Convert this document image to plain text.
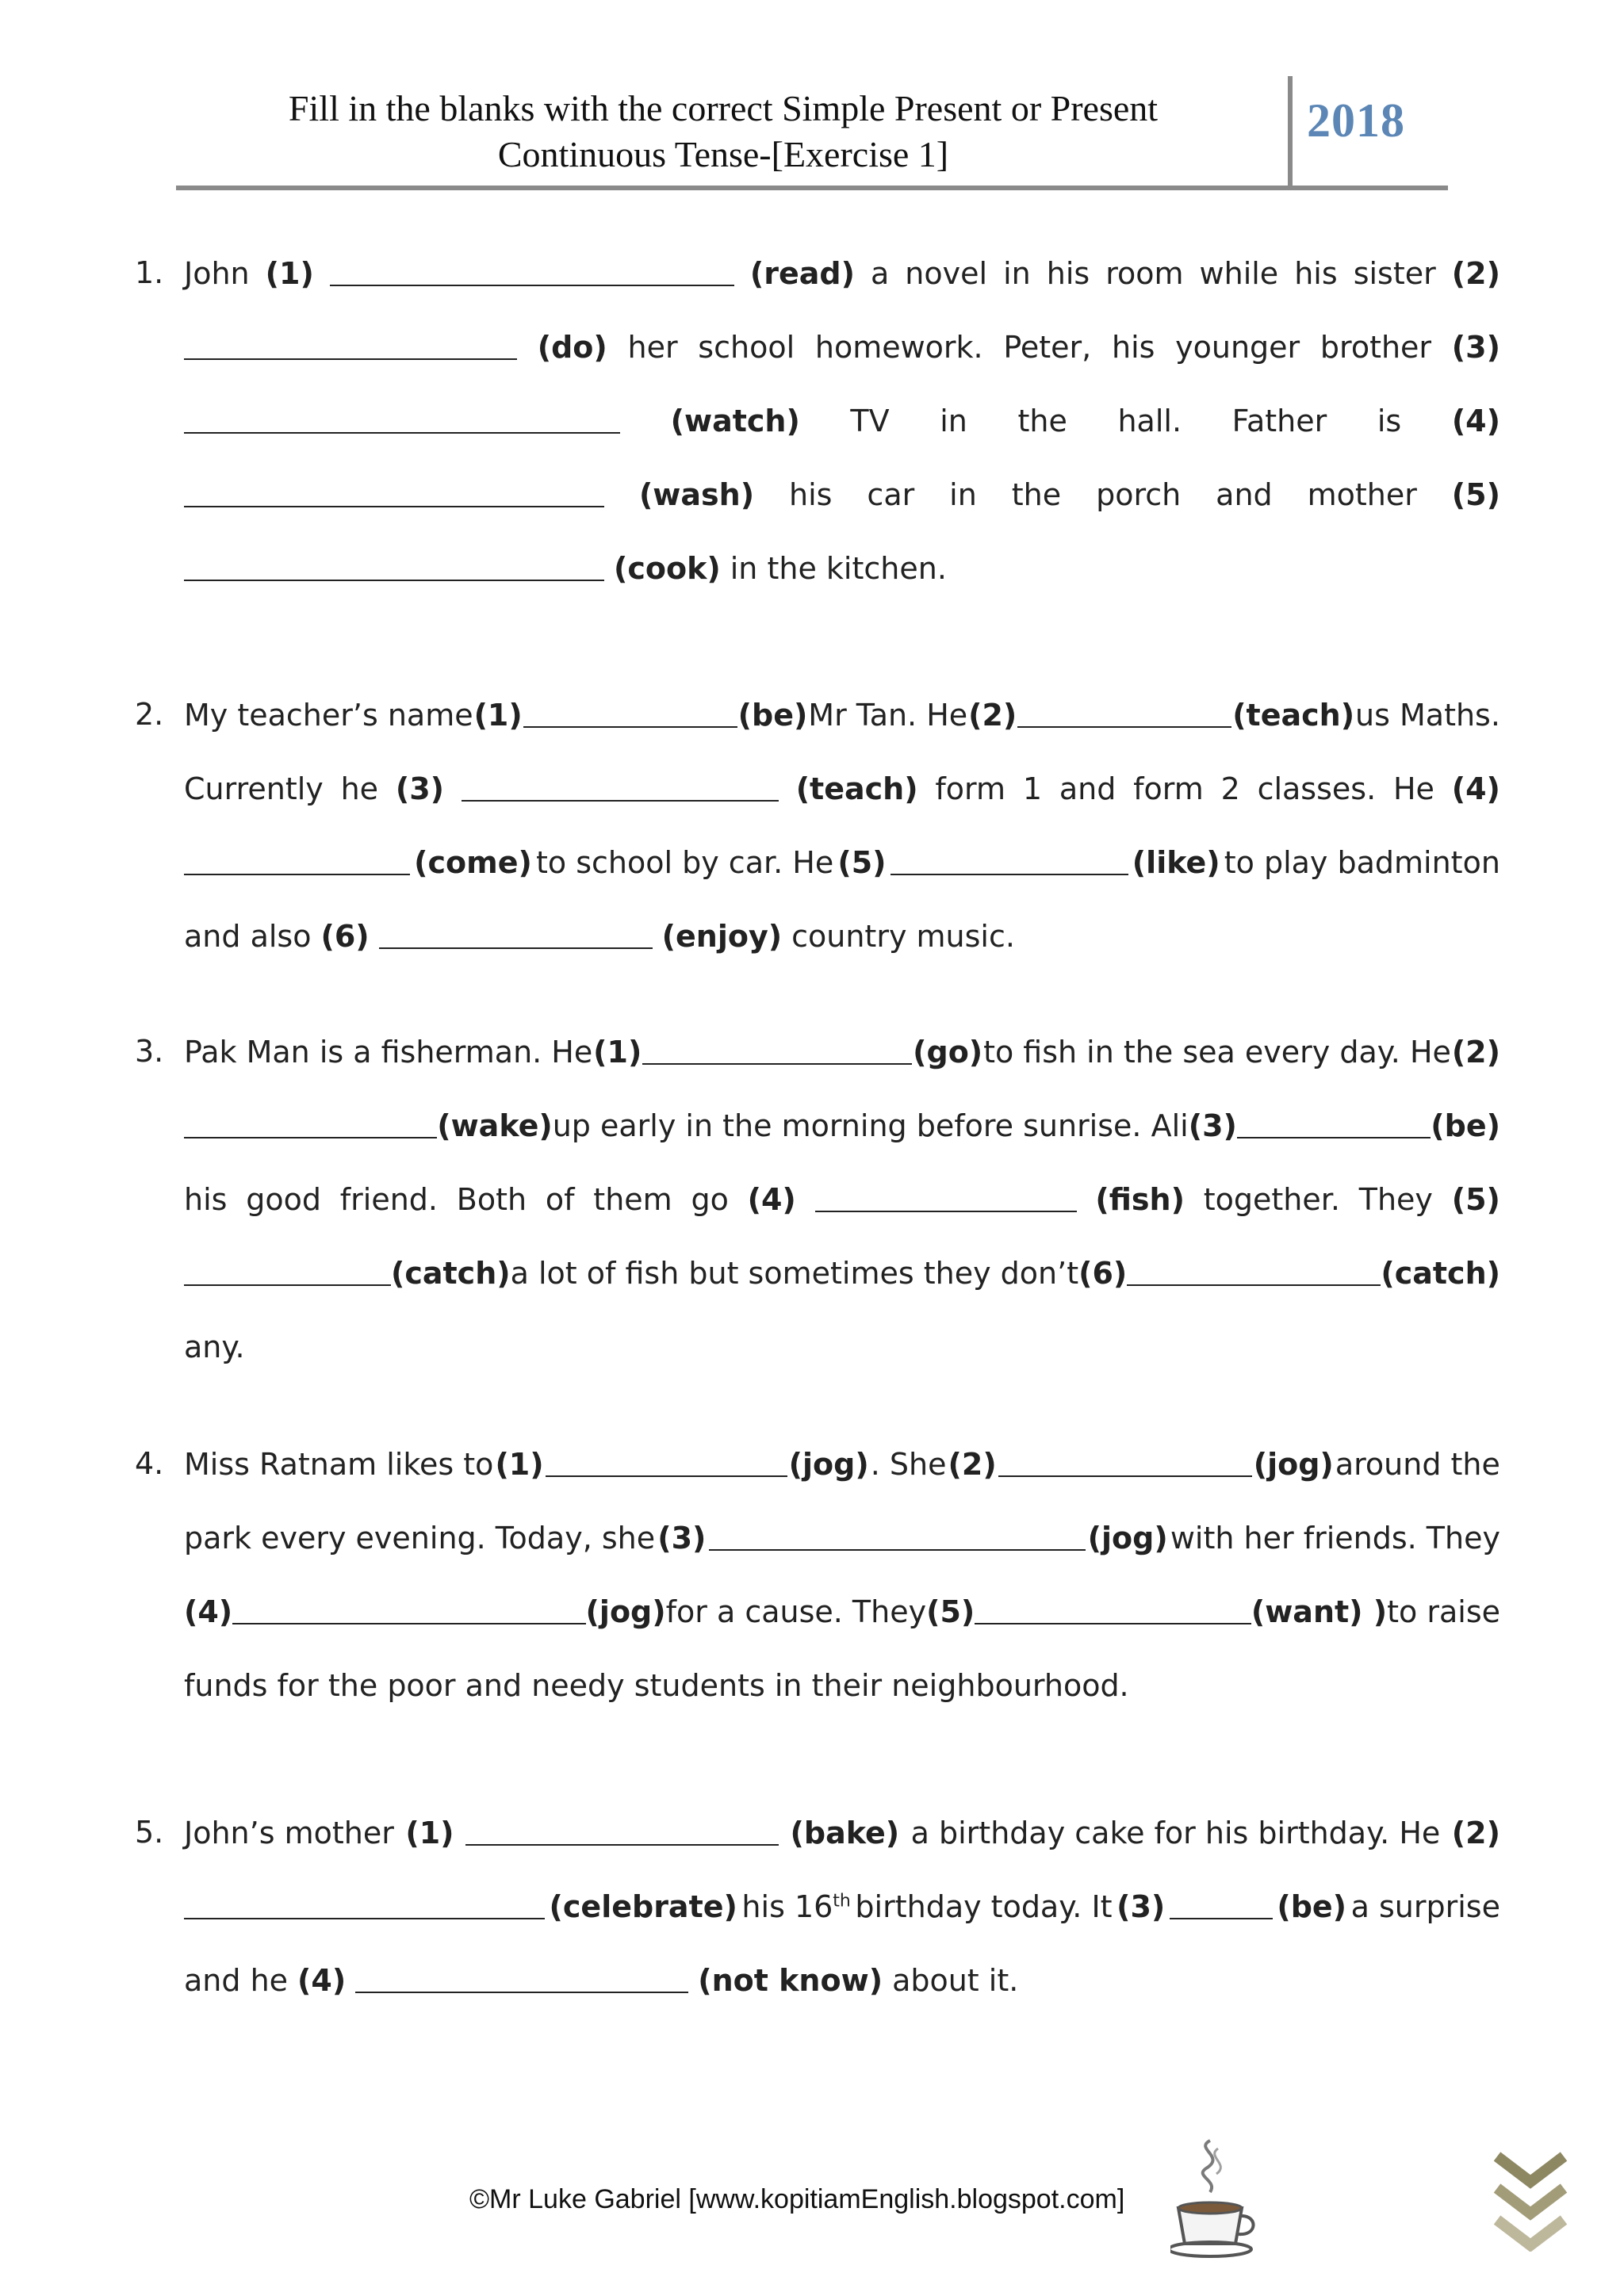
Fill in the blanks with the correct Simple Present or Present
Continuous Tense-[Exercise 1]
2018
1. John (1)	(read) a novel in his room while his sister (2)
(do) her school homework. Peter, his younger brother (3)
(watch) TV in the hall. Father is (4)
(wash) his car in the porch and mother (5)
(cook) in the kitchen.
2. My teacher’s name (1)	(be) Mr Tan. He (2)	(teach) us Maths.
Currently he (3)	(teach) form 1 and form 2 classes. He (4)
(come) to school by car. He (5)	(like) to play badminton
and also (6)	(enjoy) country music.
3. Pak Man is a fisherman. He (1)	(go) to fish in the sea every day. He (2)
(wake) up early in the morning before sunrise. Ali (3)	(be)
his good friend. Both of them go (4)	(fish) together. They (5)
(catch) a lot of fish but sometimes they don’t (6)	(catch)
any.
4. Miss Ratnam likes to (1)	(jog) . She (2)	(jog) around the
park every evening. Today, she (3)	(jog) with her friends. They
(4)	(jog) for a cause. They (5)	(want) ) to raise
funds for the poor and needy students in their neighbourhood.
5. John’s mother (1)	(bake) a birthday cake for his birthday. He (2)
(celebrate) his 16th birthday today. It (3)	(be) a surprise
and he (4)	(not know) about it.
©Mr Luke Gabriel [www.kopitiamEnglish.blogspot.com]
